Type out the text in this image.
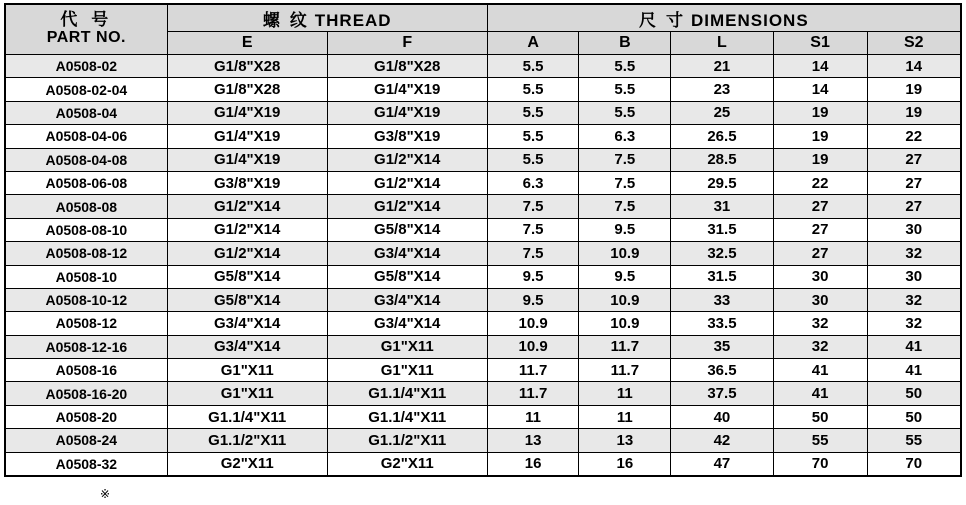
代 号
PART NO.	螺 纹 THREAD		尺 寸 DIMENSIONS				
	E	F	A	B	L	S1	S2
A0508-02	G1/8"X28	G1/8"X28	5.5	5.5	21	14	14
A0508-02-04	G1/8"X28	G1/4"X19	5.5	5.5	23	14	19
A0508-04	G1/4"X19	G1/4"X19	5.5	5.5	25	19	19
A0508-04-06	G1/4"X19	G3/8"X19	5.5	6.3	26.5	19	22
A0508-04-08	G1/4"X19	G1/2"X14	5.5	7.5	28.5	19	27
A0508-06-08	G3/8"X19	G1/2"X14	6.3	7.5	29.5	22	27
A0508-08	G1/2"X14	G1/2"X14	7.5	7.5	31	27	27
A0508-08-10	G1/2"X14	G5/8"X14	7.5	9.5	31.5	27	30
A0508-08-12	G1/2"X14	G3/4"X14	7.5	10.9	32.5	27	32
A0508-10	G5/8"X14	G5/8"X14	9.5	9.5	31.5	30	30
A0508-10-12	G5/8"X14	G3/4"X14	9.5	10.9	33	30	32
A0508-12	G3/4"X14	G3/4"X14	10.9	10.9	33.5	32	32
A0508-12-16	G3/4"X14	G1"X11	10.9	11.7	35	32	41
A0508-16	G1"X11	G1"X11	11.7	11.7	36.5	41	41
A0508-16-20	G1"X11	G1.1/4"X11	11.7	11	37.5	41	50
A0508-20	G1.1/4"X11	G1.1/4"X11	11	11	40	50	50
A0508-24	G1.1/2"X11	G1.1/2"X11	13	13	42	55	55
A0508-32	G2"X11	G2"X11	16	16	47	70	70
※
